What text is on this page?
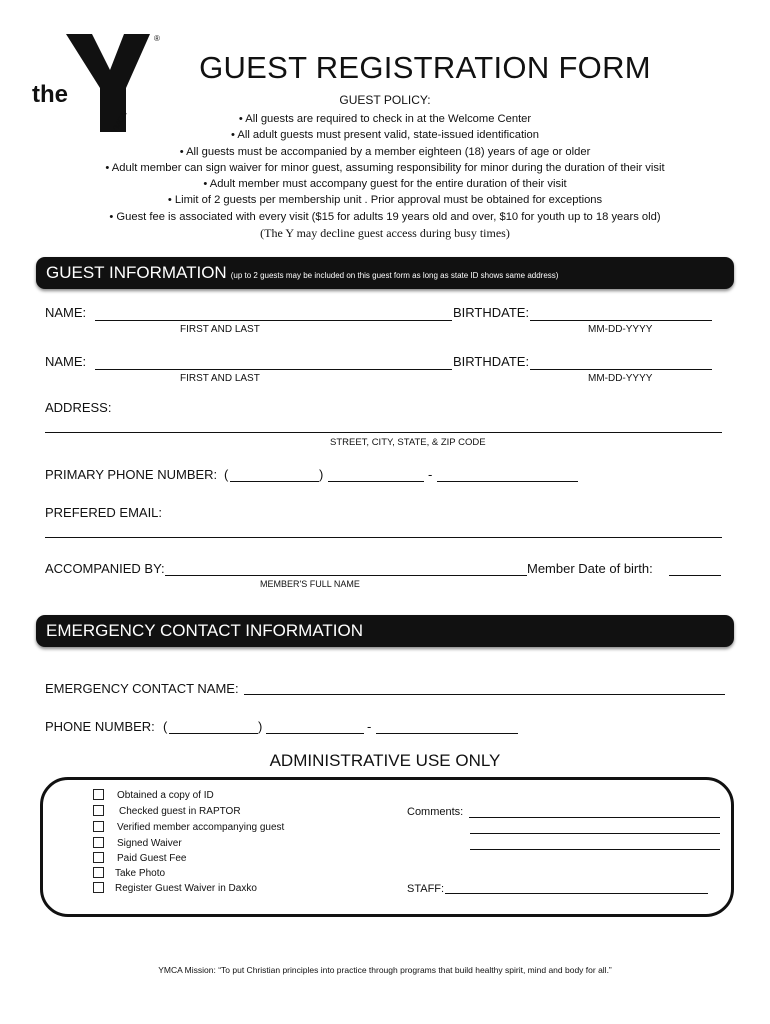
the
YMCA
®
GUEST REGISTRATION FORM
GUEST POLICY:
• All guests are required to check in at the Welcome Center
• All adult guests must present valid, state-issued identification
• All guests must be accompanied by a member eighteen (18) years of age or older
• Adult member can sign waiver for minor guest, assuming responsibility for minor during the duration of their visit
• Adult member must accompany guest for the entire duration of their visit
• Limit of 2 guests per membership unit . Prior approval must be obtained for exceptions
• Guest fee is associated with every visit ($15 for adults 19 years old and over, $10 for youth up to 18 years old)
(The Y may decline guest access during busy times)
GUEST INFORMATION (up to 2 guests may be included on this guest form as long as state ID shows same address)
NAME:	BIRTHDATE:
FIRST AND LAST	MM-DD-YYYY
NAME:	BIRTHDATE:
FIRST AND LAST	MM-DD-YYYY
ADDRESS:
STREET, CITY, STATE, & ZIP CODE
PRIMARY PHONE NUMBER: (	)	-
PREFERED EMAIL:
ACCOMPANIED BY:	Member Date of birth:
MEMBER'S FULL NAME
EMERGENCY CONTACT INFORMATION
EMERGENCY CONTACT NAME:
PHONE NUMBER: (	)	-
ADMINISTRATIVE USE ONLY
Obtained a copy of ID
Checked guest in RAPTOR
Verified member accompanying guest
Signed Waiver
Paid Guest Fee
Take Photo
Register Guest Waiver in Daxko
Comments:
STAFF:
YMCA Mission: “To put Christian principles into practice through programs that build healthy spirit, mind and body for all.”
